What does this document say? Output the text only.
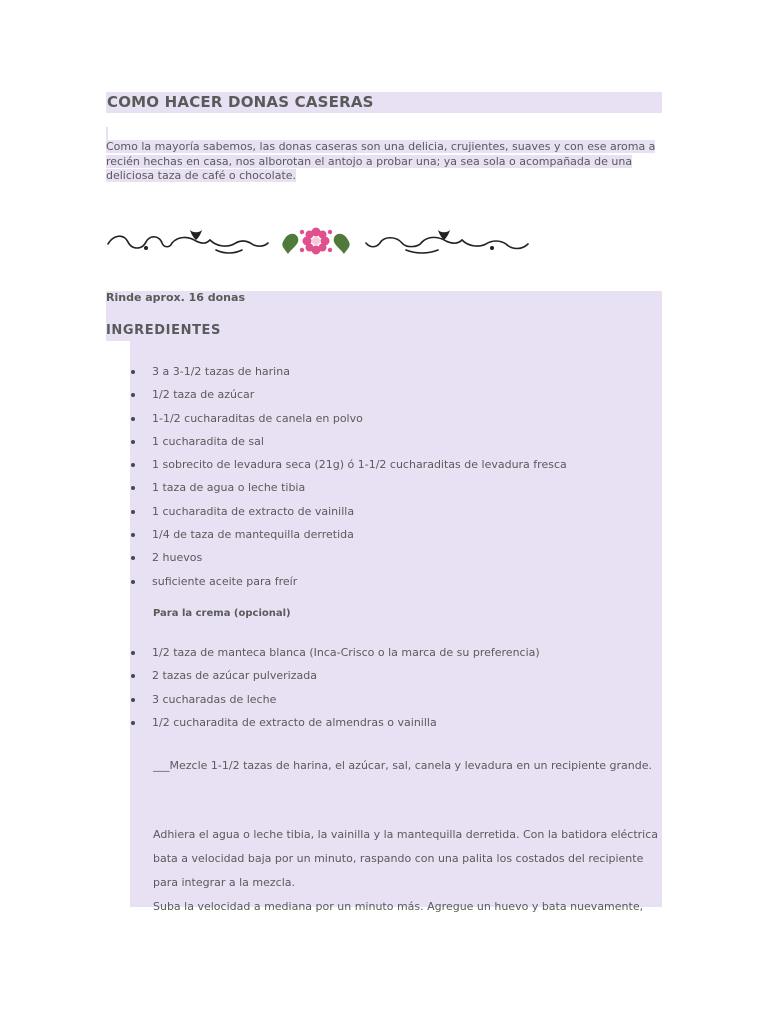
COMO HACER DONAS CASERAS
Como la mayoría sabemos, las donas caseras son una delicia, crujientes, suaves y con ese aroma a recién hechas en casa, nos alborotan el antojo a probar una; ya sea sola o acompañada de una deliciosa taza de café o chocolate.
Rinde aprox. 16 donas
INGREDIENTES
3 a 3-1/2 tazas de harina
1/2 taza de azúcar
1-1/2 cucharaditas de canela en polvo
1 cucharadita de sal
1 sobrecito de levadura seca (21g) ó 1-1/2 cucharaditas de levadura fresca
1 taza de agua o leche tibia
1 cucharadita de extracto de vainilla
1/4 de taza de mantequilla derretida
2 huevos
suficiente aceite para freír
Para la crema (opcional)
1/2 taza de manteca blanca (Inca-Crisco o la marca de su preferencia)
2 tazas de azúcar pulverizada
3 cucharadas de leche
1/2 cucharadita de extracto de almendras o vainilla
___Mezcle 1-1/2 tazas de harina, el azúcar, sal, canela y levadura en un recipiente grande.
Adhiera el agua o leche tibia, la vainilla y la mantequilla derretida. Con la batidora eléctrica bata a velocidad baja por un minuto, raspando con una palita los costados del recipiente para integrar a la mezcla.
Suba la velocidad a mediana por un minuto más. Agregue un huevo y bata nuevamente,
